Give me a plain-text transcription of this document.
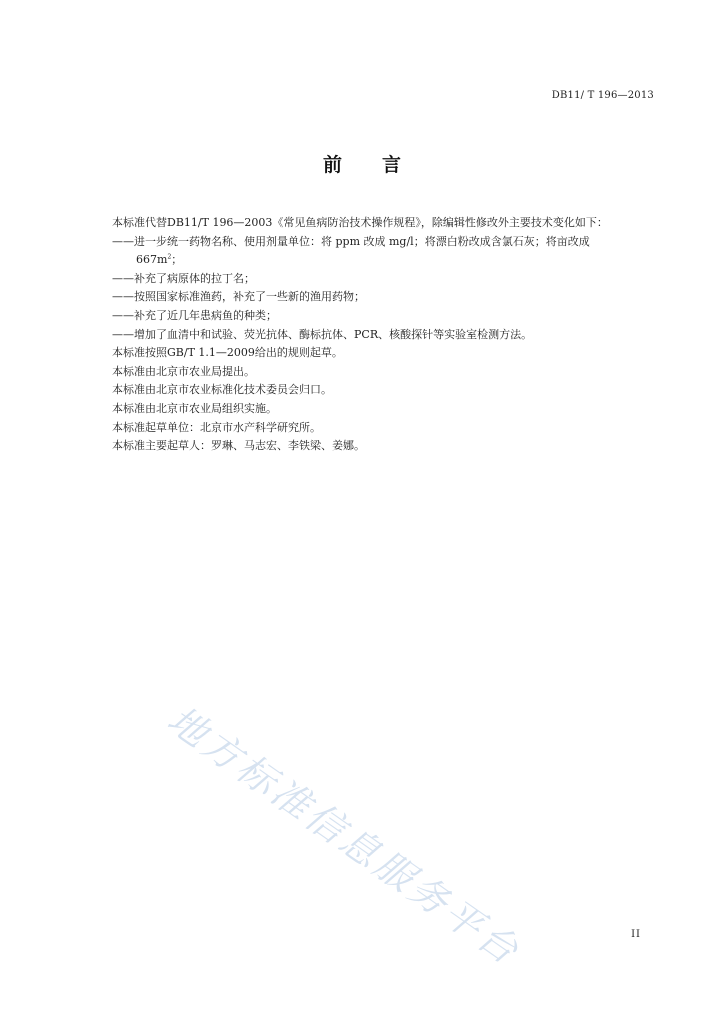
DB11/ T 196—2013
前言
本标准代替DB11/T 196—2003《常见鱼病防治技术操作规程》，除编辑性修改外主要技术变化如下：
——进一步统一药物名称、使用剂量单位：将 ppm 改成 mg/l；将漂白粉改成含氯石灰；将亩改成
$667m^2$；
——补充了病原体的拉丁名；
——按照国家标准渔药，补充了一些新的渔用药物；
——补充了近几年患病鱼的种类；
——增加了血清中和试验、荧光抗体、酶标抗体、PCR、核酸探针等实验室检测方法。
本标准按照GB/T 1.1—2009给出的规则起草。
本标准由北京市农业局提出。
本标准由北京市农业标准化技术委员会归口。
本标准由北京市农业局组织实施。
本标准起草单位：北京市水产科学研究所。
本标准主要起草人：罗琳、马志宏、李铁梁、姜娜。
地方标准信息服务平台	II
